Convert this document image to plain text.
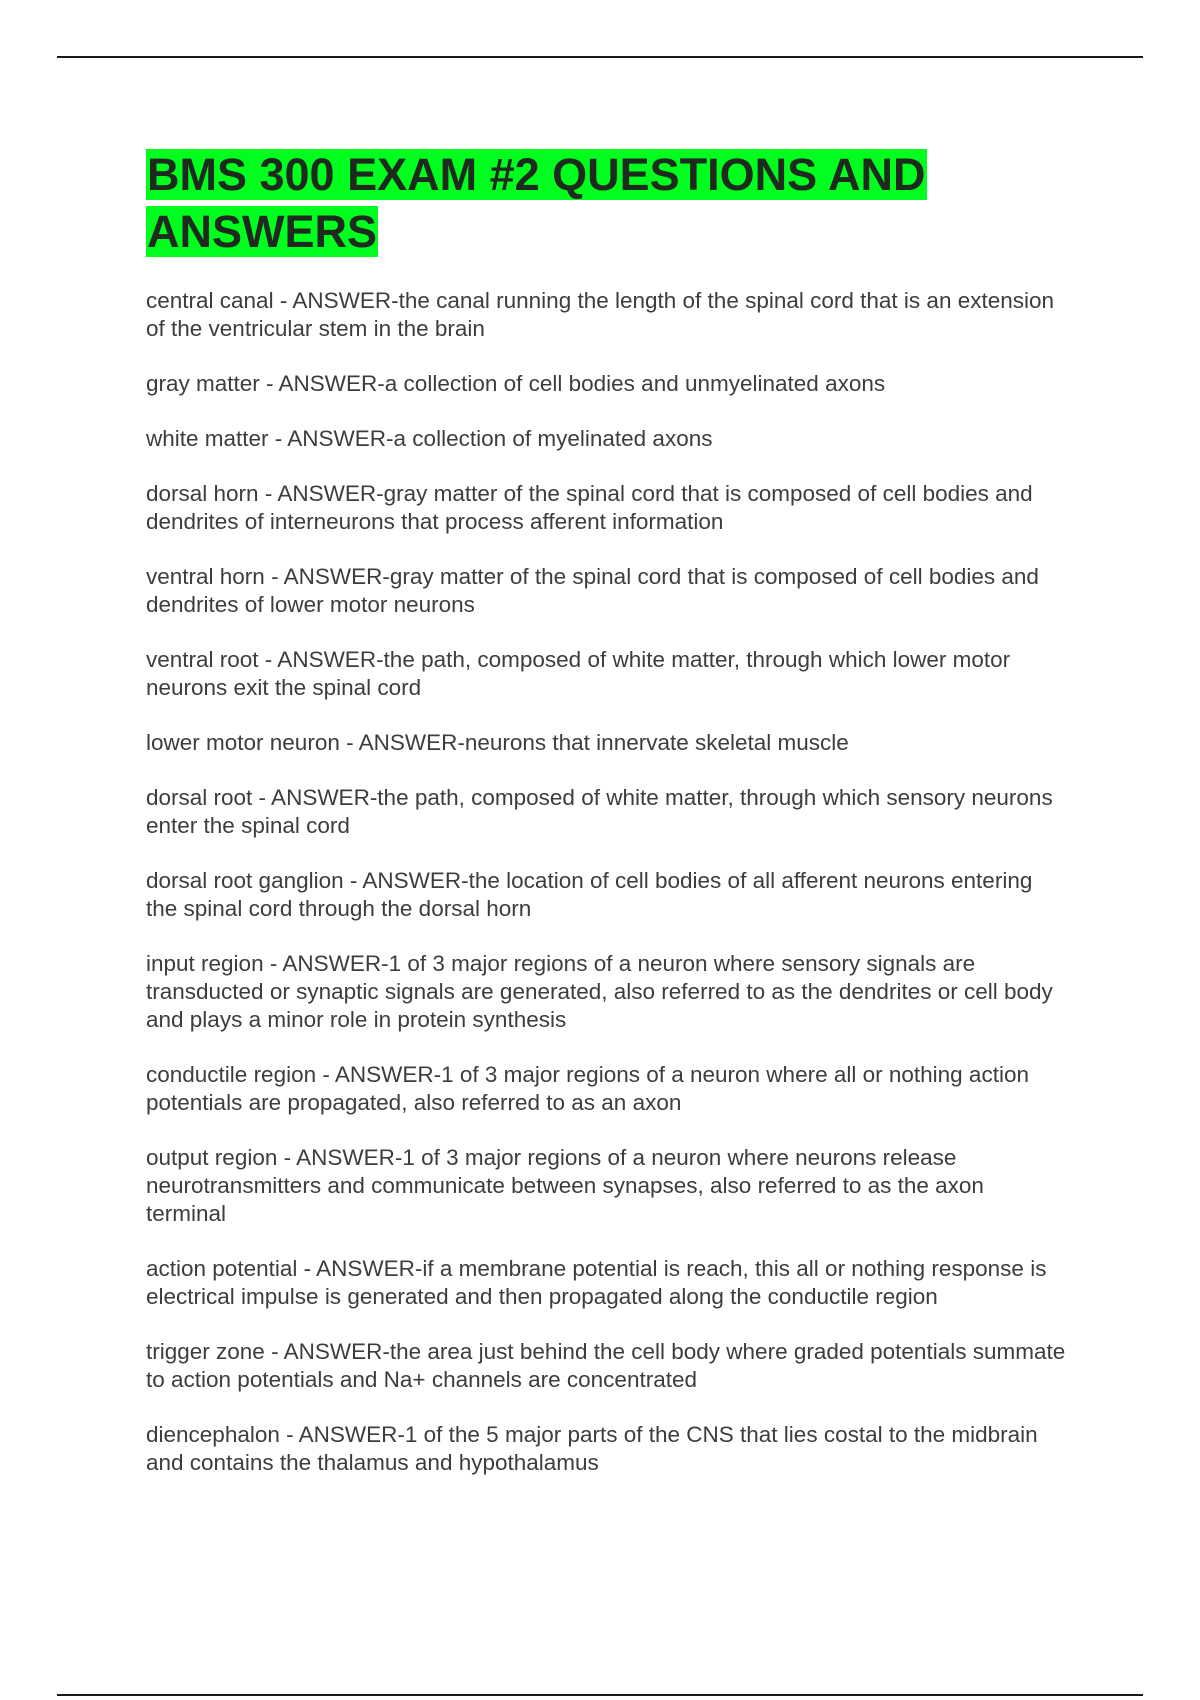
BMS 300 EXAM #2 QUESTIONS AND ANSWERS
central canal - ANSWER-the canal running the length of the spinal cord that is an extension of the ventricular stem in the brain
gray matter - ANSWER-a collection of cell bodies and unmyelinated axons
white matter - ANSWER-a collection of myelinated axons
dorsal horn - ANSWER-gray matter of the spinal cord that is composed of cell bodies and dendrites of interneurons that process afferent information
ventral horn - ANSWER-gray matter of the spinal cord that is composed of cell bodies and dendrites of lower motor neurons
ventral root - ANSWER-the path, composed of white matter, through which lower motor neurons exit the spinal cord
lower motor neuron - ANSWER-neurons that innervate skeletal muscle
dorsal root - ANSWER-the path, composed of white matter, through which sensory neurons enter the spinal cord
dorsal root ganglion - ANSWER-the location of cell bodies of all afferent neurons entering the spinal cord through the dorsal horn
input region - ANSWER-1 of 3 major regions of a neuron where sensory signals are transducted or synaptic signals are generated, also referred to as the dendrites or cell body and plays a minor role in protein synthesis
conductile region - ANSWER-1 of 3 major regions of a neuron where all or nothing action potentials are propagated, also referred to as an axon
output region - ANSWER-1 of 3 major regions of a neuron where neurons release neurotransmitters and communicate between synapses, also referred to as the axon terminal
action potential - ANSWER-if a membrane potential is reach, this all or nothing response is electrical impulse is generated and then propagated along the conductile region
trigger zone - ANSWER-the area just behind the cell body where graded potentials summate to action potentials and Na+ channels are concentrated
diencephalon - ANSWER-1 of the 5 major parts of the CNS that lies costal to the midbrain and contains the thalamus and hypothalamus
